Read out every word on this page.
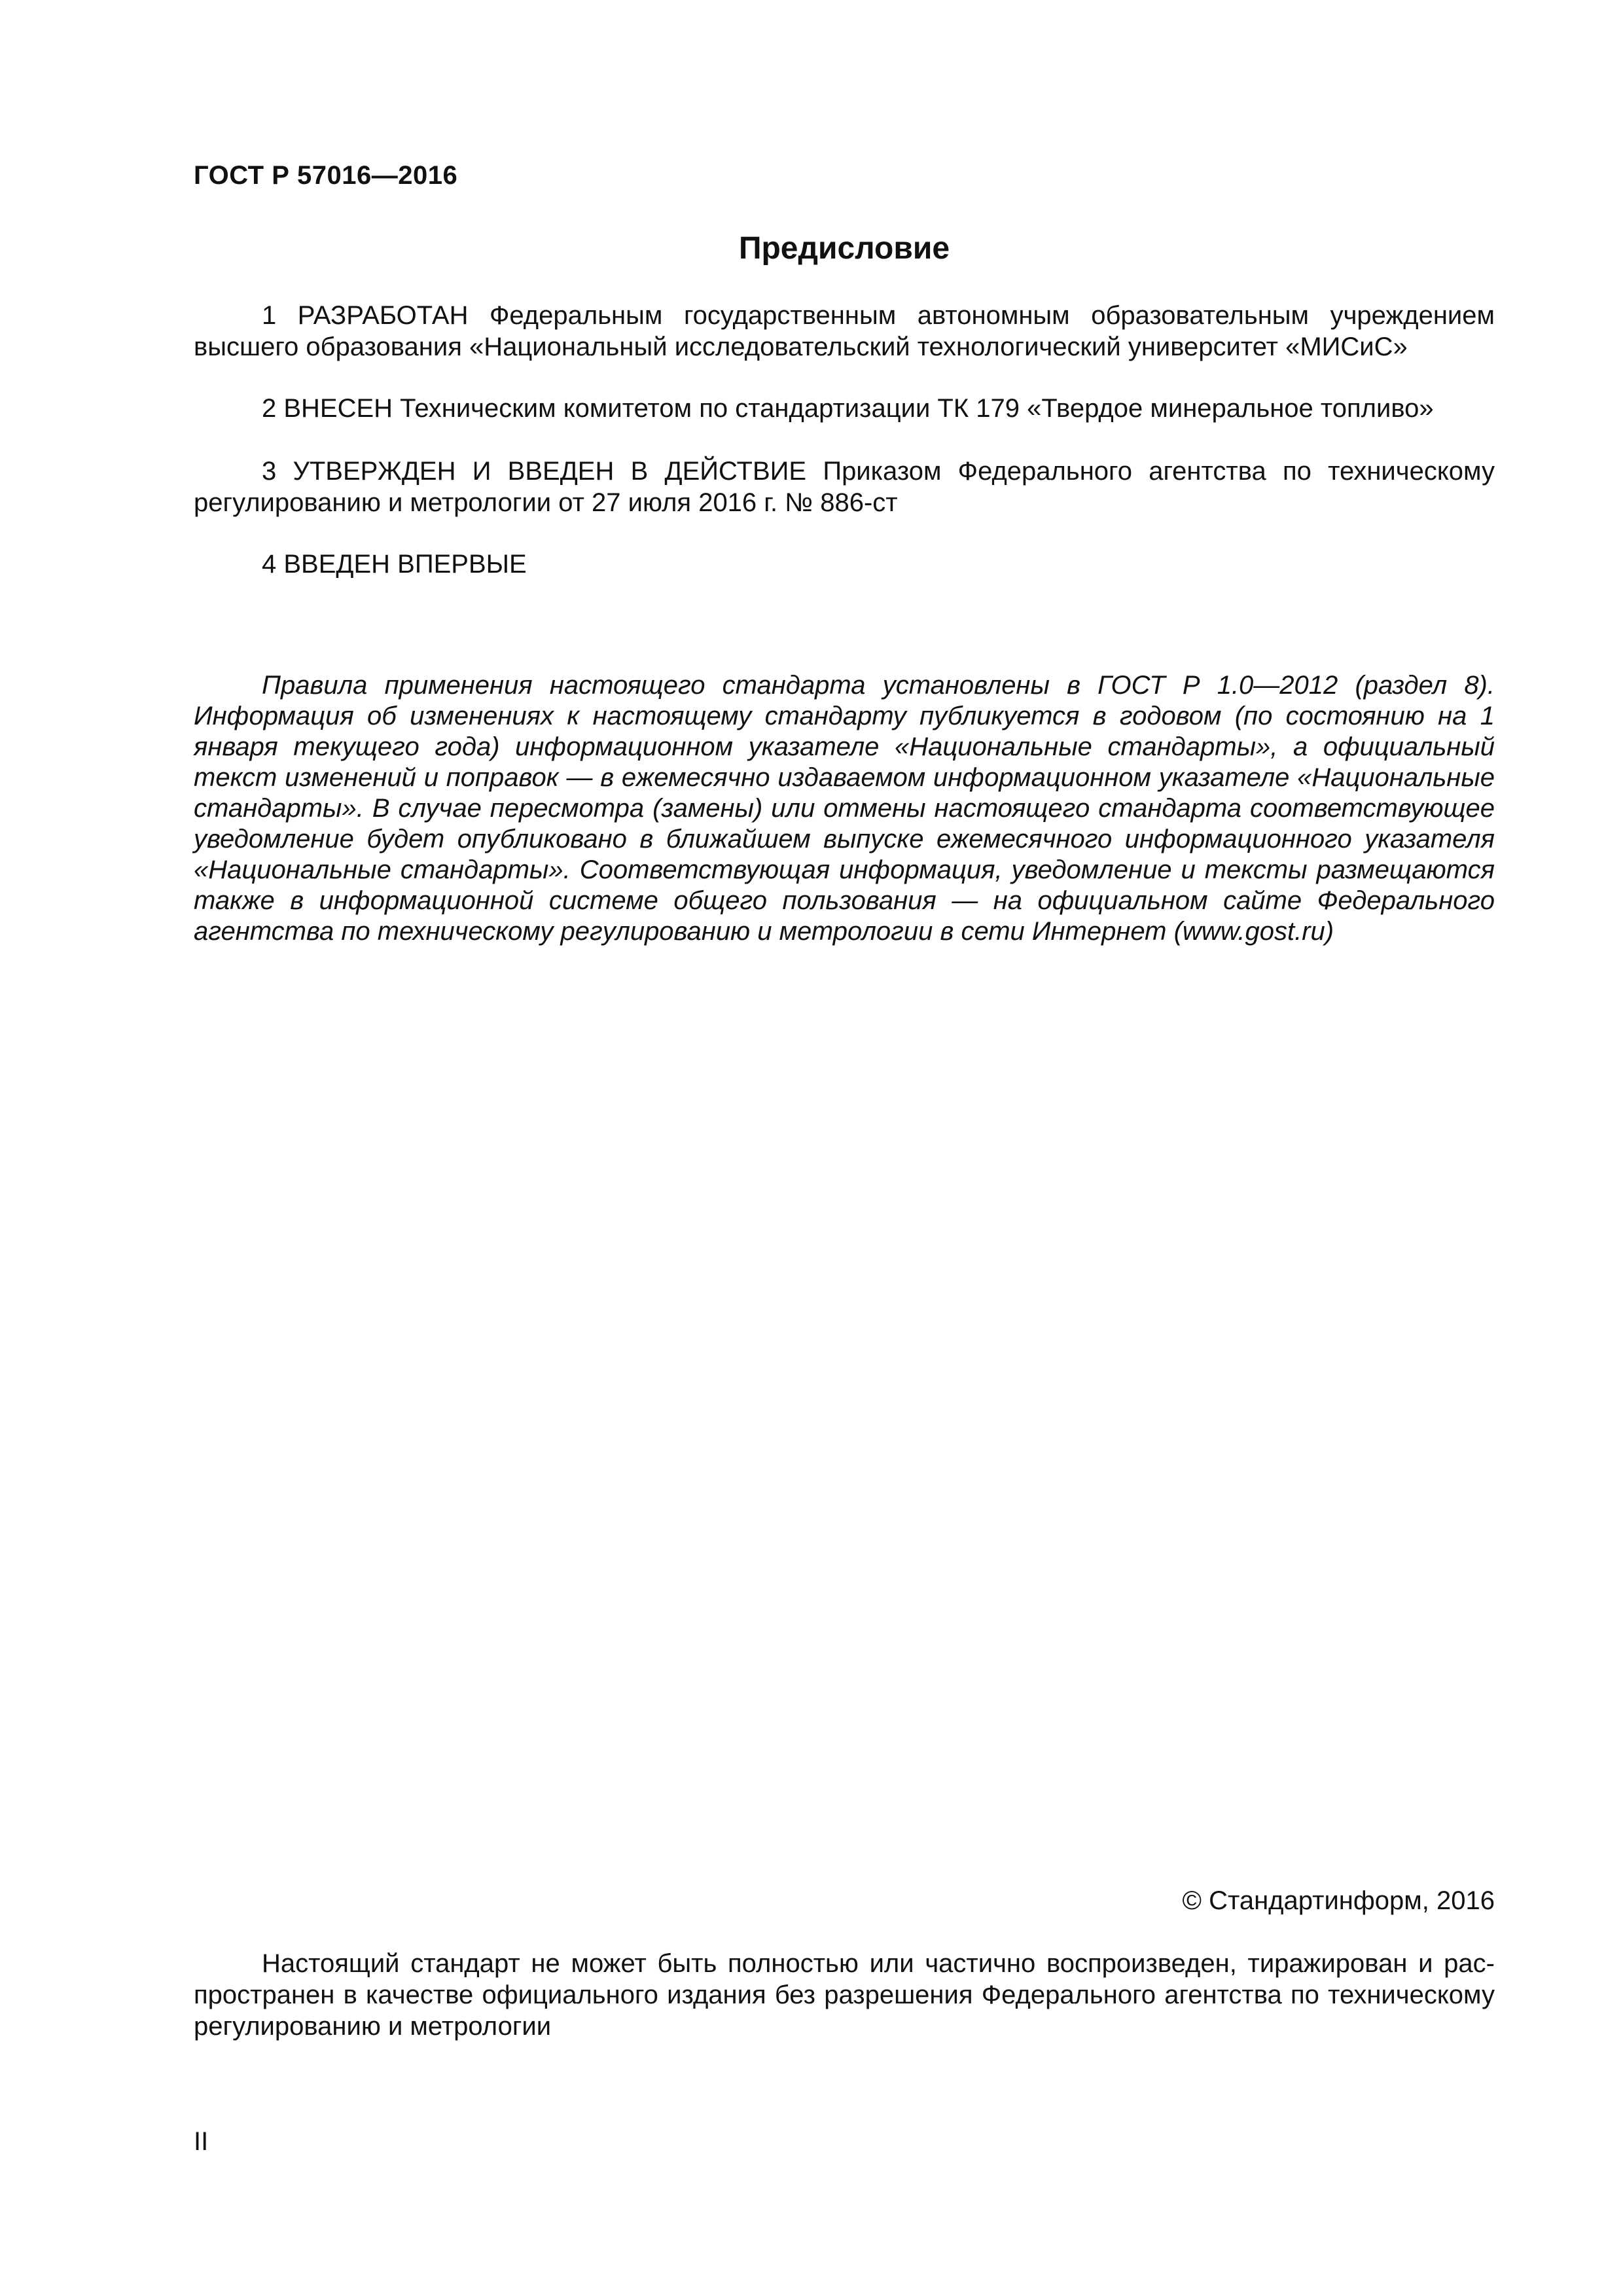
ГОСТ Р 57016—2016
Предисловие

1 РАЗРАБОТАН Федеральным государственным автономным образовательным учреждением высшего образования «Национальный исследовательский технологический университет «МИСиС»

2 ВНЕСЕН Техническим комитетом по стандартизации ТК 179 «Твердое минеральное топливо»

3 УТВЕРЖДЕН И ВВЕДЕН В ДЕЙСТВИЕ Приказом Федерального агентства по техническому регулированию и метрологии от 27 июля 2016 г. № 886-ст

4 ВВЕДЕН ВПЕРВЫЕ

Правила применения настоящего стандарта установлены в ГОСТ Р 1.0—2012 (раздел 8). Информация об изменениях к настоящему стандарту публикуется в годовом (по состоянию на 1 января текущего года) информационном указателе «Национальные стандарты», а официальный текст изменений и поправок — в ежемесячно издаваемом информационном указателе «Национальные стандарты». В случае пересмотра (замены) или отмены настоящего стандарта соответствующее уведомление будет опубликовано в ближайшем выпуске ежемесячного информационного указателя «Национальные стандарты». Соответствующая информация, уведомление и тексты размещаются также в информационной системе общего пользования — на официальном сайте Федерального агентства по техническому регулированию и метрологии в сети Интернет (www.gost.ru)

© Стандартинформ, 2016

Настоящий стандарт не может быть полностью или частично воспроизведен, тиражирован и распространен в качестве официального издания без разрешения Федерального агентства по техническому регулированию и метрологии

II
